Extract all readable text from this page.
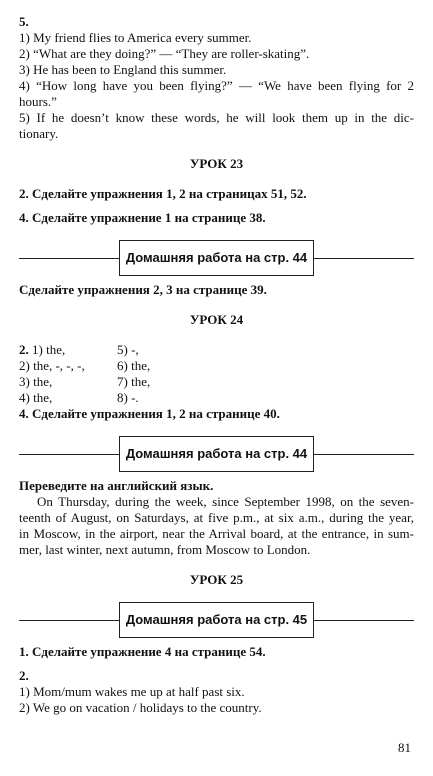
5.
1) My friend flies to America every summer.
2) “What are they doing?” — “They are roller-skating”.
3) He has been to England this summer.
4) “How long have you been flying?” — “We have been flying for 2
hours.”
5) If he doesn’t know these words, he will look them up in the dic-
tionary.
УРОК 23
2. Сделайте упражнения 1, 2 на страницах 51, 52.
4. Сделайте упражнение 1 на странице 38.
Домашняя работа на стр. 44
Сделайте упражнения 2, 3 на странице 39.
УРОК 24
2. 1) the,	5) -,
2) the, -, -, -,	6) the,
3) the,	7) the,
4) the,	8) -.
4. Сделайте упражнения 1, 2 на странице 40.
Домашняя работа на стр. 44
Переведите на английский язык.
On Thursday, during the week, since September 1998, on the seven-
teenth of August, on Saturdays, at five p.m., at six a.m., during the year,
in Moscow, in the airport, near the Arrival board, at the entrance, in sum-
mer, last winter, next autumn, from Moscow to London.
УРОК 25
Домашняя работа на стр. 45
1. Сделайте упражнение 4 на странице 54.
2.
1) Mom/mum wakes me up at half past six.
2) We go on vacation / holidays to the country.
81
